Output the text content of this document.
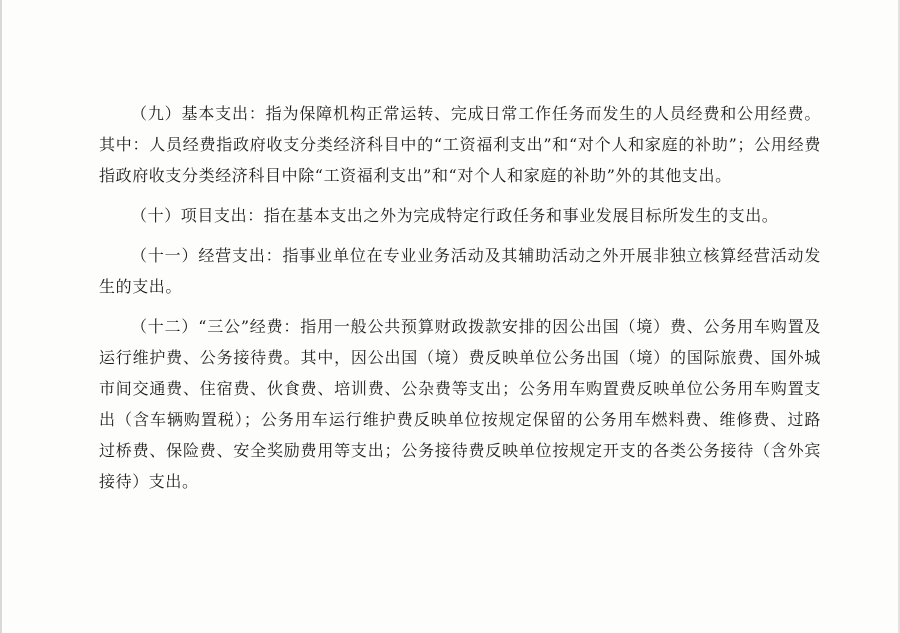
（九）基本支出：指为保障机构正常运转、完成日常工作任务而发生的人员经费和公用经费。其中：人员经费指政府收支分类经济科目中的“工资福利支出”和“对个人和家庭的补助”；公用经费指政府收支分类经济科目中除“工资福利支出”和“对个人和家庭的补助”外的其他支出。

（十）项目支出：指在基本支出之外为完成特定行政任务和事业发展目标所发生的支出。

（十一）经营支出：指事业单位在专业业务活动及其辅助活动之外开展非独立核算经营活动发生的支出。

（十二）“三公”经费：指用一般公共预算财政拨款安排的因公出国（境）费、公务用车购置及运行维护费、公务接待费。其中，因公出国（境）费反映单位公务出国（境）的国际旅费、国外城市间交通费、住宿费、伙食费、培训费、公杂费等支出；公务用车购置费反映单位公务用车购置支出（含车辆购置税）；公务用车运行维护费反映单位按规定保留的公务用车燃料费、维修费、过路过桥费、保险费、安全奖励费用等支出；公务接待费反映单位按规定开支的各类公务接待（含外宾接待）支出。
